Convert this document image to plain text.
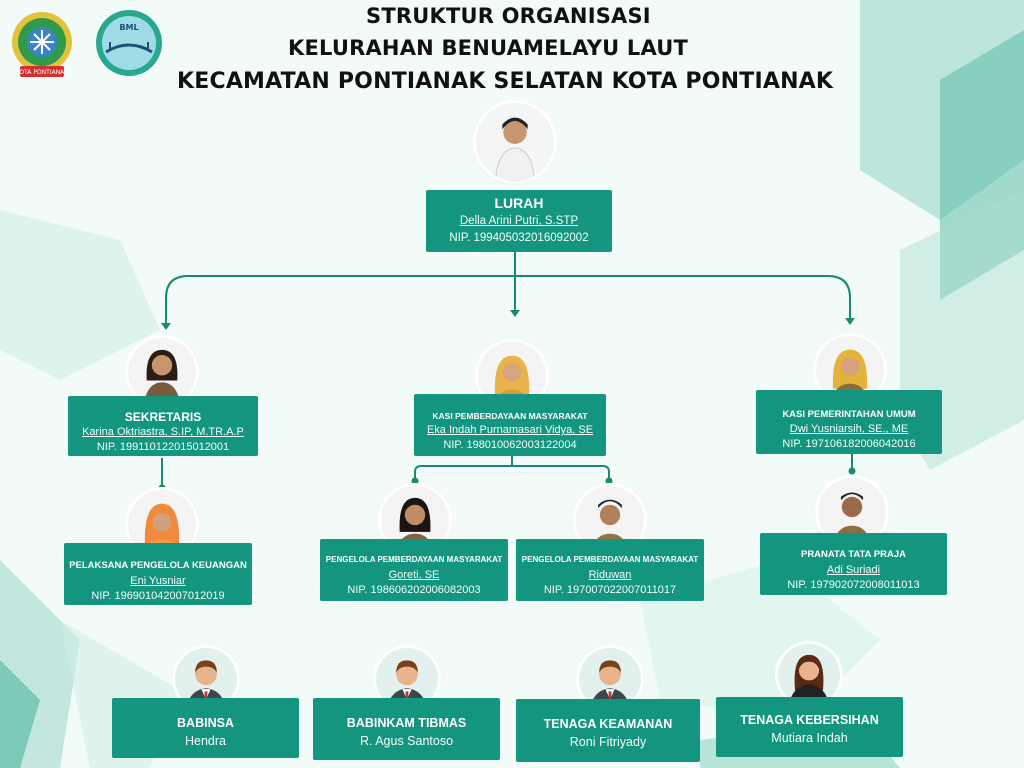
KOTA PONTIANAK
BML	STRUKTUR ORGANISASI
KELURAHAN BENUAMELAYU LAUT
KECAMATAN PONTIANAK SELATAN KOTA PONTIANAK
LURAH
Della Arini Putri, S.STP
NIP. 199405032016092002
SEKRETARIS
Karina Oktriastra, S.IP, M.TR.A.P
NIP. 199110122015012001
KASI PEMBERDAYAAN MASYARAKAT
Eka Indah Purnamasari Vidya, SE
NIP. 198010062003122004
KASI PEMERINTAHAN UMUM
Dwi Yusniarsih, SE., ME
NIP. 197106182006042016
PELAKSANA PENGELOLA KEUANGAN
Eni Yusniar
NIP. 196901042007012019
PENGELOLA PEMBERDAYAAN MASYARAKAT
Goreti, SE
NIP. 198606202006082003
PENGELOLA PEMBERDAYAAN MASYARAKAT
Riduwan
NIP. 197007022007011017
PRANATA TATA PRAJA
Adi Suriadi
NIP. 197902072008011013
BABINSA
Hendra
BABINKAM TIBMAS
R. Agus Santoso
TENAGA KEAMANAN
Roni Fitriyady
TENAGA KEBERSIHAN
Mutiara Indah
